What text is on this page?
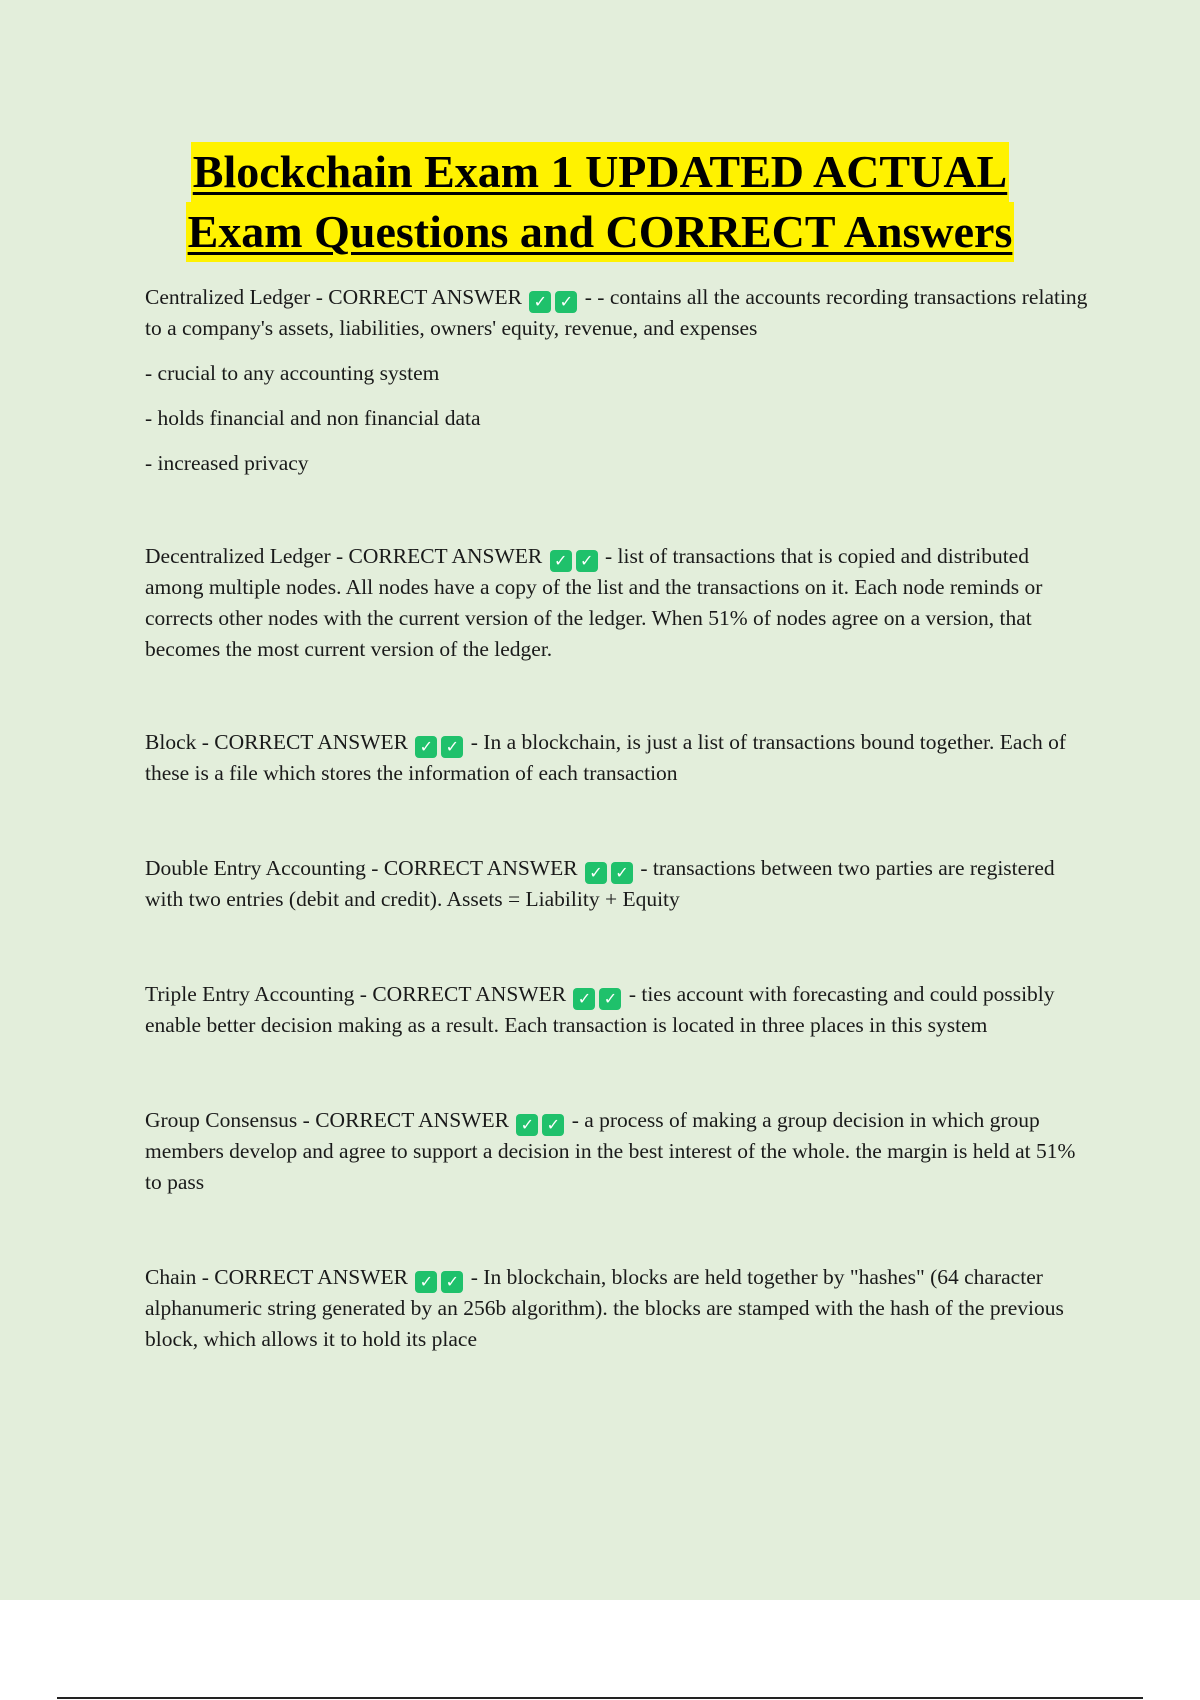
Blockchain Exam 1 UPDATED ACTUAL
Exam Questions and CORRECT Answers

Centralized Ledger - CORRECT ANSWER ✓ ✓ - - contains all the accounts recording transactions relating to a company's assets, liabilities, owners' equity, revenue, and expenses

- crucial to any accounting system

- holds financial and non financial data

- increased privacy

Decentralized Ledger - CORRECT ANSWER ✓ ✓ - list of transactions that is copied and distributed among multiple nodes. All nodes have a copy of the list and the transactions on it. Each node reminds or corrects other nodes with the current version of the ledger. When 51% of nodes agree on a version, that becomes the most current version of the ledger.

Block - CORRECT ANSWER ✓ ✓ - In a blockchain, is just a list of transactions bound together. Each of these is a file which stores the information of each transaction

Double Entry Accounting - CORRECT ANSWER ✓ ✓ - transactions between two parties are registered with two entries (debit and credit). Assets = Liability + Equity

Triple Entry Accounting - CORRECT ANSWER ✓ ✓ - ties account with forecasting and could possibly enable better decision making as a result. Each transaction is located in three places in this system

Group Consensus - CORRECT ANSWER ✓ ✓ - a process of making a group decision in which group members develop and agree to support a decision in the best interest of the whole. the margin is held at 51% to pass

Chain - CORRECT ANSWER ✓ ✓ - In blockchain, blocks are held together by "hashes" (64 character alphanumeric string generated by an 256b algorithm). the blocks are stamped with the hash of the previous block, which allows it to hold its place
